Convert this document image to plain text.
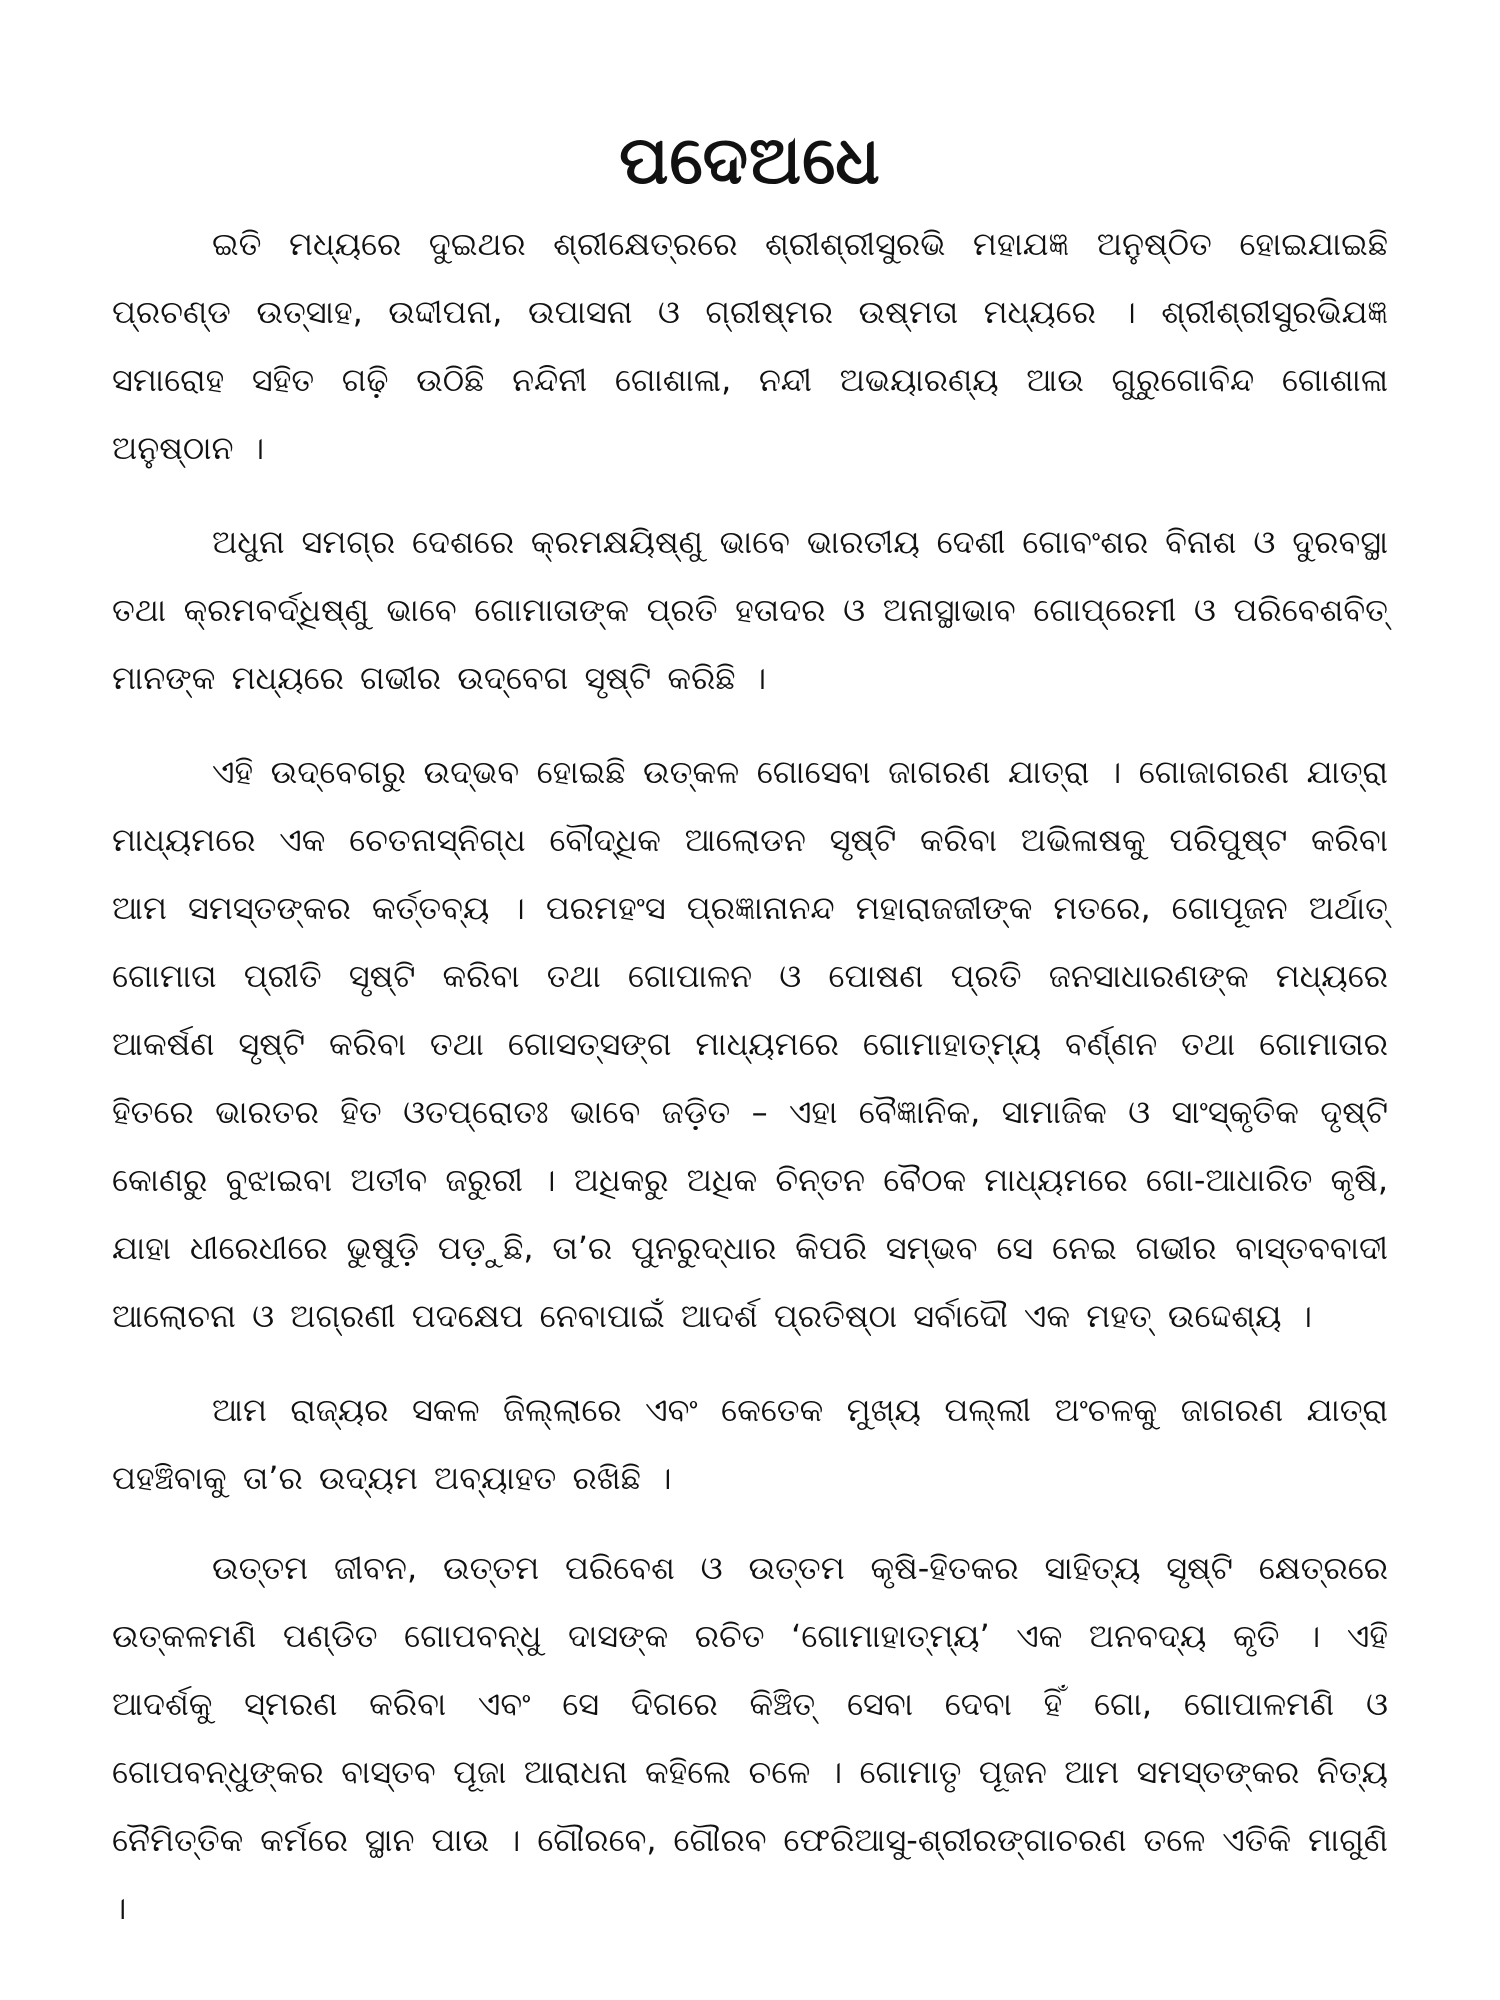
ପଦେଅଧେ

ଇତି ମଧ୍ୟରେ ଦୁଇଥର ଶ୍ରୀକ୍ଷେତ୍ରରେ ଶ୍ରୀଶ୍ରୀସୁରଭି ମହାଯଜ୍ଞ ଅନୁଷ୍ଠିତ ହୋଇଯାଇଛି ପ୍ରଚଣ୍ଡ ଉତ୍ସାହ, ଉଦ୍ଦୀପନା, ଉପାସନା ଓ ଗ୍ରୀଷ୍ମର ଉଷ୍ମତା ମଧ୍ୟରେ । ଶ୍ରୀଶ୍ରୀସୁରଭିଯଜ୍ଞ ସମାରୋହ ସହିତ ଗଢ଼ି ଉଠିଛି ନନ୍ଦିନୀ ଗୋଶାଳା, ନନ୍ଦୀ ଅଭୟାରଣ୍ୟ ଆଉ ଗୁରୁଗୋବିନ୍ଦ ଗୋଶାଳା ଅନୁଷ୍ଠାନ ।

ଅଧୁନା ସମଗ୍ର ଦେଶରେ କ୍ରମକ୍ଷୟିଷ୍ଣୁ ଭାବେ ଭାରତୀୟ ଦେଶୀ ଗୋବଂଶର ବିନାଶ ଓ ଦୁରବସ୍ଥା ତଥା କ୍ରମବର୍ଦ୍ଧିଷ୍ଣୁ ଭାବେ ଗୋମାତାଙ୍କ ପ୍ରତି ହତାଦର ଓ ଅନାସ୍ଥାଭାବ ଗୋପ୍ରେମୀ ଓ ପରିବେଶବିତ୍ ମାନଙ୍କ ମଧ୍ୟରେ ଗଭୀର ଉଦ୍‌ବେଗ ସୃଷ୍ଟି କରିଛି ।

ଏହି ଉଦ୍‌ବେଗରୁ ଉଦ୍ଭବ ହୋଇଛି ଉତ୍କଳ ଗୋସେବା ଜାଗରଣ ଯାତ୍ରା । ଗୋଜାଗରଣ ଯାତ୍ରା ମାଧ୍ୟମରେ ଏକ ଚେତନାସ୍ନିଗ୍ଧ ବୌଦ୍ଧିକ ଆଲୋଡନ ସୃଷ୍ଟି କରିବା ଅଭିଳାଷକୁ ପରିପୁଷ୍ଟ କରିବା ଆମ ସମସ୍ତଙ୍କର କର୍ତ୍ତବ୍ୟ । ପରମହଂସ ପ୍ରଜ୍ଞାନାନନ୍ଦ ମହାରାଜଜୀଙ୍କ ମତରେ, ଗୋପୂଜନ ଅର୍ଥାତ୍ ଗୋମାତା ପ୍ରୀତି ସୃଷ୍ଟି କରିବା ତଥା ଗୋପାଳନ ଓ ପୋଷଣ ପ୍ରତି ଜନସାଧାରଣଙ୍କ ମଧ୍ୟରେ ଆକର୍ଷଣ ସୃଷ୍ଟି କରିବା ତଥା ଗୋସତ୍‌ସଙ୍ଗ ମାଧ୍ୟମରେ ଗୋମାହାତ୍ମ୍ୟ ବର୍ଣ୍ଣନ ତଥା ଗୋମାତାର ହିତରେ ଭାରତର ହିତ ଓତପ୍ରୋତଃ ଭାବେ ଜଡ଼ିତ – ଏହା ବୈଜ୍ଞାନିକ, ସାମାଜିକ ଓ ସାଂସ୍କୃତିକ ଦୃଷ୍ଟି କୋଣରୁ ବୁଝାଇବା ଅତୀବ ଜରୁରୀ । ଅଧିକରୁ ଅଧିକ ଚିନ୍ତନ ବୈଠକ ମାଧ୍ୟମରେ ଗୋ-ଆଧାରିତ କୃଷି, ଯାହା ଧୀରେଧୀରେ ଭୁଷୁଡ଼ି ପଡ଼ୁଛି, ତା’ର ପୁନରୁଦ୍ଧାର କିପରି ସମ୍ଭବ ସେ ନେଇ ଗଭୀର ବାସ୍ତବବାଦୀ ଆଲୋଚନା ଓ ଅଗ୍ରଣୀ ପଦକ୍ଷେପ ନେବାପାଇଁ ଆଦର୍ଶ ପ୍ରତିଷ୍ଠା ସର୍ବାଦୌ ଏକ ମହତ୍ ଉଦ୍ଦେଶ୍ୟ ।

ଆମ ରାଜ୍ୟର ସକଳ ଜିଲ୍ଲାରେ ଏବଂ କେତେକ ମୁଖ୍ୟ ପଲ୍ଲୀ ଅଂଚଳକୁ ଜାଗରଣ ଯାତ୍ରା ପହଞ୍ଚିବାକୁ ତା’ର ଉଦ୍ୟମ ଅବ୍ୟାହତ ରଖିଛି ।

ଉତ୍ତମ ଜୀବନ, ଉତ୍ତମ ପରିବେଶ ଓ ଉତ୍ତମ କୃଷି-ହିତକର ସାହିତ୍ୟ ସୃଷ୍ଟି କ୍ଷେତ୍ରରେ ଉତ୍କଳମଣି ପଣ୍ଡିତ ଗୋପବନ୍ଧୁ ଦାସଙ୍କ ରଚିତ ‘ଗୋମାହାତ୍ମ୍ୟ’ ଏକ ଅନବଦ୍ୟ କୃତି । ଏହି ଆଦର୍ଶକୁ ସ୍ମରଣ କରିବା ଏବଂ ସେ ଦିଗରେ କିଞ୍ଚିତ୍ ସେବା ଦେବା ହିଁ ଗୋ, ଗୋପାଳମଣି ଓ ଗୋପବନ୍ଧୁଙ୍କର ବାସ୍ତବ ପୂଜା ଆରାଧନା କହିଲେ ଚଳେ । ଗୋମାତୃ ପୂଜନ ଆମ ସମସ୍ତଙ୍କର ନିତ୍ୟ ନୈମିତ୍ତିକ କର୍ମରେ ସ୍ଥାନ ପାଉ । ଗୌରବେ, ଗୌରବ ଫେରିଆସୁ-ଶ୍ରୀରଙ୍ଗାଚରଣ ତଳେ ଏତିକି ମାଗୁଣି ।
